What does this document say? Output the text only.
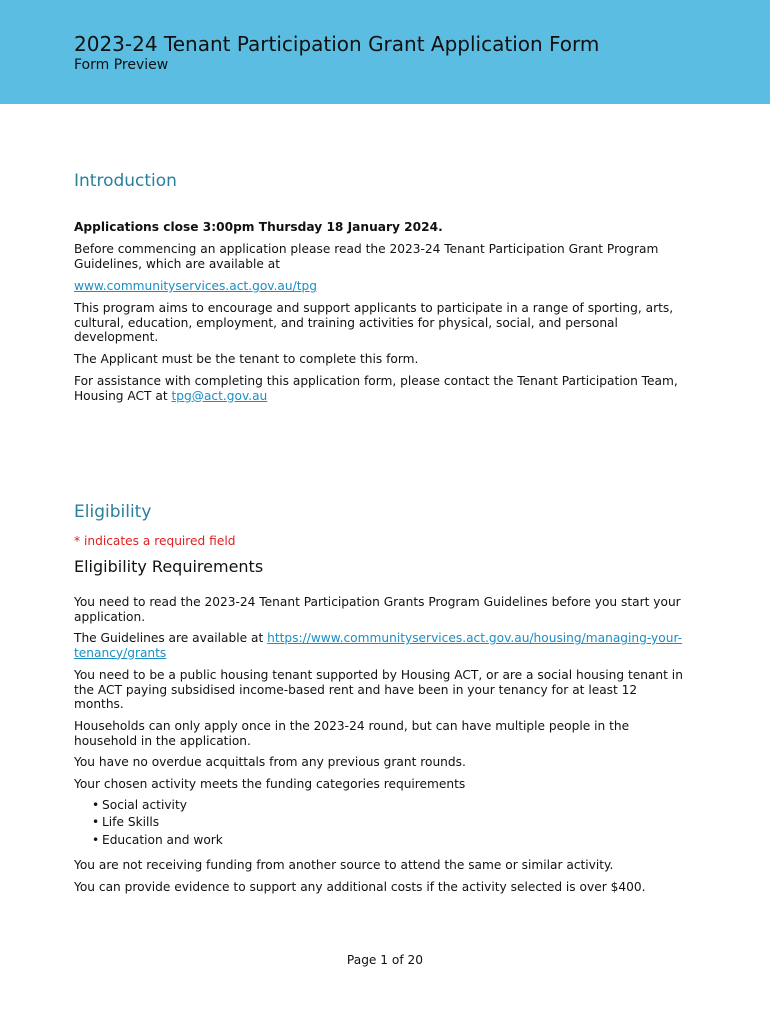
2023-24 Tenant Participation Grant Application Form
Form Preview
Introduction

Applications close 3:00pm Thursday 18 January 2024.

Before commencing an application please read the 2023-24 Tenant Participation Grant Program Guidelines, which are available at

www.communityservices.act.gov.au/tpg

This program aims to encourage and support applicants to participate in a range of sporting, arts, cultural, education, employment, and training activities for physical, social, and personal development.

The Applicant must be the tenant to complete this form.

For assistance with completing this application form, please contact the Tenant Participation Team, Housing ACT at tpg@act.gov.au

Eligibility

* indicates a required field

Eligibility Requirements

You need to read the 2023-24 Tenant Participation Grants Program Guidelines before you start your application.

The Guidelines are available at https://www.communityservices.act.gov.au/housing/managing-your-tenancy/grants

You need to be a public housing tenant supported by Housing ACT, or are a social housing tenant in the ACT paying subsidised income-based rent and have been in your tenancy for at least 12 months.

Households can only apply once in the 2023-24 round, but can have multiple people in the household in the application.

You have no overdue acquittals from any previous grant rounds.

Your chosen activity meets the funding categories requirements

• Social activity
• Life Skills
• Education and work

You are not receiving funding from another source to attend the same or similar activity.

You can provide evidence to support any additional costs if the activity selected is over $400.

Page 1 of 20
